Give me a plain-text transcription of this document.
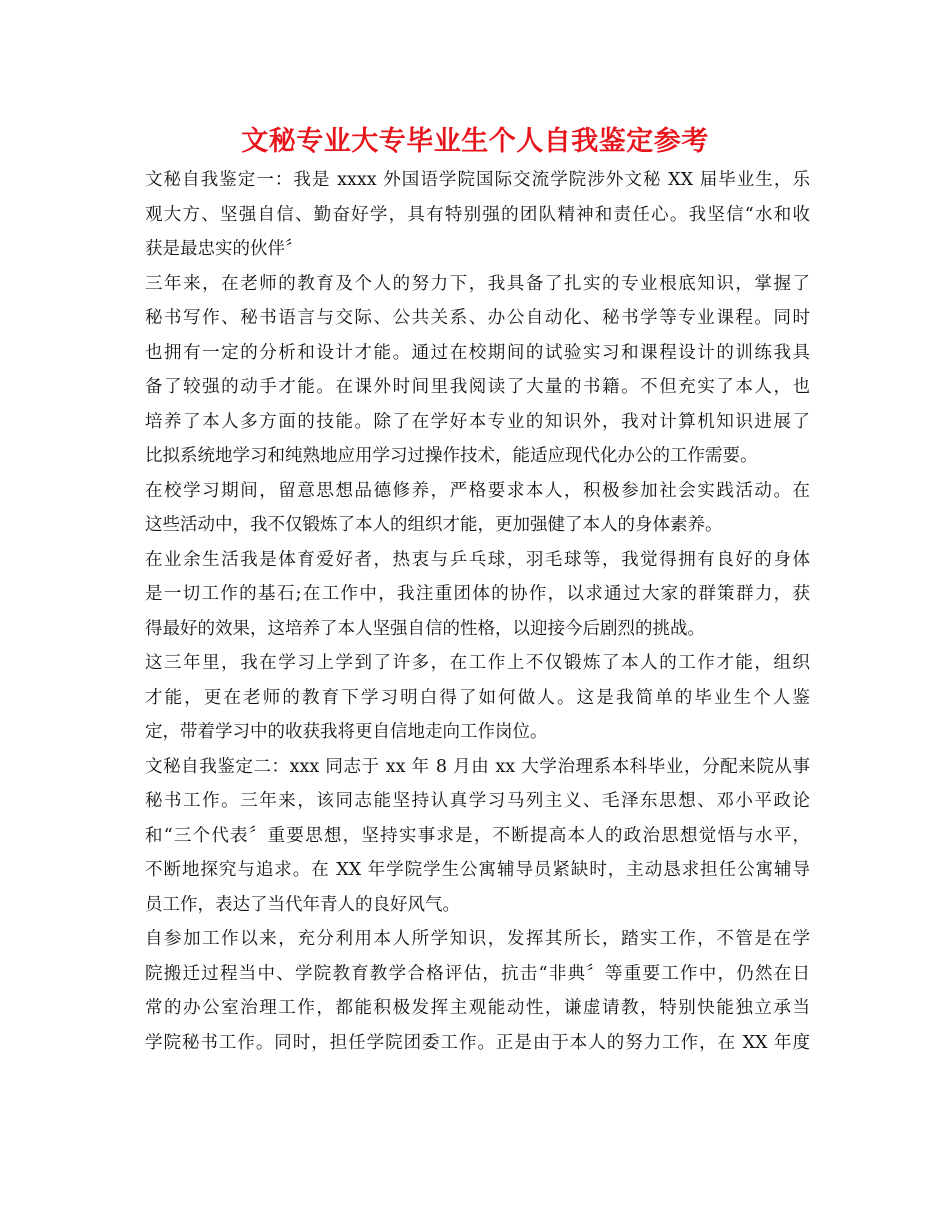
文秘专业大专毕业生个人自我鉴定参考

文秘自我鉴定一：我是 xxxx 外国语学院国际交流学院涉外文秘 XX 届毕业生，乐
观大方、坚强自信、勤奋好学，具有特别强的团队精神和责任心。我坚信“水和收
获是最忠实的伙伴〞

三年来，在老师的教育及个人的努力下，我具备了扎实的专业根底知识，掌握了
秘书写作、秘书语言与交际、公共关系、办公自动化、秘书学等专业课程。同时
也拥有一定的分析和设计才能。通过在校期间的试验实习和课程设计的训练我具
备了较强的动手才能。在课外时间里我阅读了大量的书籍。不但充实了本人，也
培养了本人多方面的技能。除了在学好本专业的知识外，我对计算机知识进展了
比拟系统地学习和纯熟地应用学习过操作技术，能适应现代化办公的工作需要。

在校学习期间，留意思想品德修养，严格要求本人，积极参加社会实践活动。在
这些活动中，我不仅锻炼了本人的组织才能，更加强健了本人的身体素养。

在业余生活我是体育爱好者，热衷与乒乓球，羽毛球等，我觉得拥有良好的身体
是一切工作的基石;在工作中，我注重团体的协作，以求通过大家的群策群力，获
得最好的效果，这培养了本人坚强自信的性格，以迎接今后剧烈的挑战。

这三年里，我在学习上学到了许多，在工作上不仅锻炼了本人的工作才能，组织
才能，更在老师的教育下学习明白得了如何做人。这是我简单的毕业生个人鉴
定，带着学习中的收获我将更自信地走向工作岗位。

文秘自我鉴定二：xxx 同志于 xx 年 8 月由 xx 大学治理系本科毕业，分配来院从事
秘书工作。三年来，该同志能坚持认真学习马列主义、毛泽东思想、邓小平政论
和“三个代表〞重要思想，坚持实事求是，不断提高本人的政治思想觉悟与水平，
不断地探究与追求。在 XX 年学院学生公寓辅导员紧缺时，主动恳求担任公寓辅导
员工作，表达了当代年青人的良好风气。

自参加工作以来，充分利用本人所学知识，发挥其所长，踏实工作，不管是在学
院搬迁过程当中、学院教育教学合格评估，抗击“非典〞等重要工作中，仍然在日
常的办公室治理工作，都能积极发挥主观能动性，谦虚请教，特别快能独立承当
学院秘书工作。同时，担任学院团委工作。正是由于本人的努力工作，在 XX 年度
